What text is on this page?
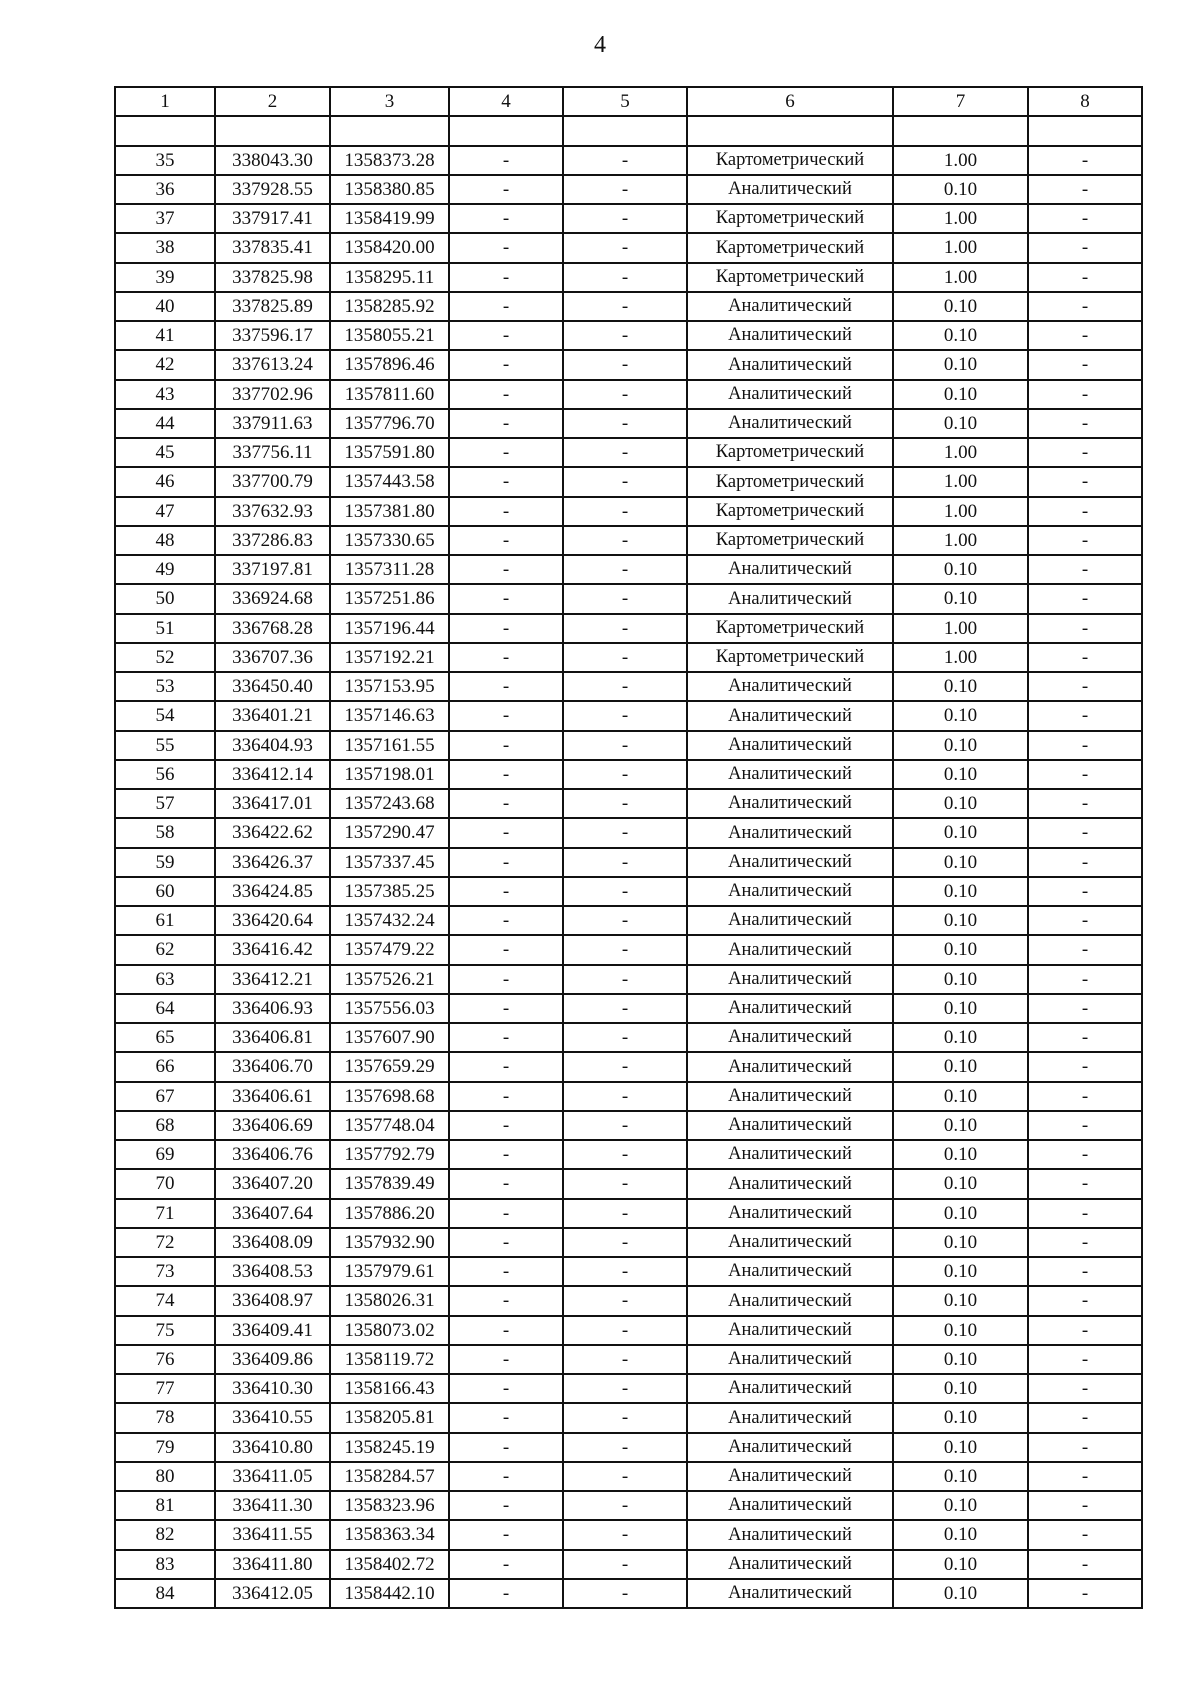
4
1	2	3	4	5	6	7	8

35	338043.30	1358373.28	-	-	Картометрический	1.00	-
36	337928.55	1358380.85	-	-	Аналитический	0.10	-
37	337917.41	1358419.99	-	-	Картометрический	1.00	-
38	337835.41	1358420.00	-	-	Картометрический	1.00	-
39	337825.98	1358295.11	-	-	Картометрический	1.00	-
40	337825.89	1358285.92	-	-	Аналитический	0.10	-
41	337596.17	1358055.21	-	-	Аналитический	0.10	-
42	337613.24	1357896.46	-	-	Аналитический	0.10	-
43	337702.96	1357811.60	-	-	Аналитический	0.10	-
44	337911.63	1357796.70	-	-	Аналитический	0.10	-
45	337756.11	1357591.80	-	-	Картометрический	1.00	-
46	337700.79	1357443.58	-	-	Картометрический	1.00	-
47	337632.93	1357381.80	-	-	Картометрический	1.00	-
48	337286.83	1357330.65	-	-	Картометрический	1.00	-
49	337197.81	1357311.28	-	-	Аналитический	0.10	-
50	336924.68	1357251.86	-	-	Аналитический	0.10	-
51	336768.28	1357196.44	-	-	Картометрический	1.00	-
52	336707.36	1357192.21	-	-	Картометрический	1.00	-
53	336450.40	1357153.95	-	-	Аналитический	0.10	-
54	336401.21	1357146.63	-	-	Аналитический	0.10	-
55	336404.93	1357161.55	-	-	Аналитический	0.10	-
56	336412.14	1357198.01	-	-	Аналитический	0.10	-
57	336417.01	1357243.68	-	-	Аналитический	0.10	-
58	336422.62	1357290.47	-	-	Аналитический	0.10	-
59	336426.37	1357337.45	-	-	Аналитический	0.10	-
60	336424.85	1357385.25	-	-	Аналитический	0.10	-
61	336420.64	1357432.24	-	-	Аналитический	0.10	-
62	336416.42	1357479.22	-	-	Аналитический	0.10	-
63	336412.21	1357526.21	-	-	Аналитический	0.10	-
64	336406.93	1357556.03	-	-	Аналитический	0.10	-
65	336406.81	1357607.90	-	-	Аналитический	0.10	-
66	336406.70	1357659.29	-	-	Аналитический	0.10	-
67	336406.61	1357698.68	-	-	Аналитический	0.10	-
68	336406.69	1357748.04	-	-	Аналитический	0.10	-
69	336406.76	1357792.79	-	-	Аналитический	0.10	-
70	336407.20	1357839.49	-	-	Аналитический	0.10	-
71	336407.64	1357886.20	-	-	Аналитический	0.10	-
72	336408.09	1357932.90	-	-	Аналитический	0.10	-
73	336408.53	1357979.61	-	-	Аналитический	0.10	-
74	336408.97	1358026.31	-	-	Аналитический	0.10	-
75	336409.41	1358073.02	-	-	Аналитический	0.10	-
76	336409.86	1358119.72	-	-	Аналитический	0.10	-
77	336410.30	1358166.43	-	-	Аналитический	0.10	-
78	336410.55	1358205.81	-	-	Аналитический	0.10	-
79	336410.80	1358245.19	-	-	Аналитический	0.10	-
80	336411.05	1358284.57	-	-	Аналитический	0.10	-
81	336411.30	1358323.96	-	-	Аналитический	0.10	-
82	336411.55	1358363.34	-	-	Аналитический	0.10	-
83	336411.80	1358402.72	-	-	Аналитический	0.10	-
84	336412.05	1358442.10	-	-	Аналитический	0.10	-
